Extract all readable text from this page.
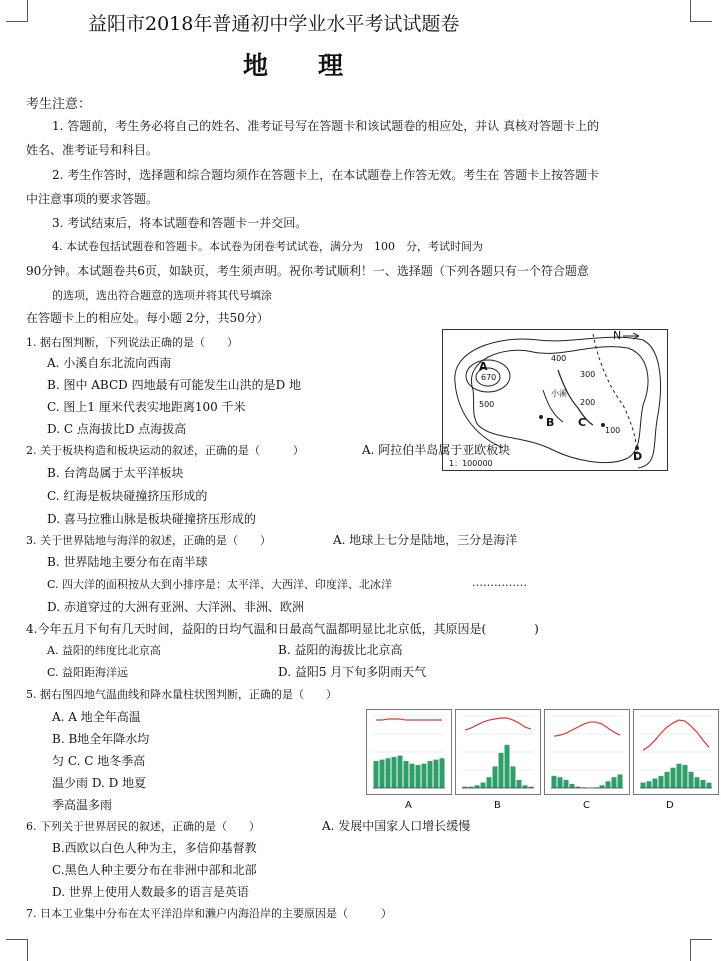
益阳市2018年普通初中学业水平考试试题卷
地　　理
考生注意：
1. 答题前，考生务必将自己的姓名、准考证号写在答题卡和该试题卷的相应处，并认 真核对答题卡上的
姓名、准考证号和科目。
2. 考生作答时，选择题和综合题均须作在答题卡上，在本试题卷上作答无效。考生在 答题卡上按答题卡
中注意事项的要求答题。
3. 考试结束后，将本试题卷和答题卡一并交回。
4. 本试卷包括试题卷和答题卡。本试卷为闭卷考试试卷，满分为　100　分，考试时间为
90分钟。本试题卷共6页，如缺页，考生须声明。祝你考试顺利！一、选择题（下列各题只有一个符合题意
的选项，选出符合题意的选项并将其代号填涂
在答题卡上的相应处。每小题 2分，共50分）
1. 据右图判断，下列说法正确的是（　　）
A. 小溪自东北流向西南
B. 图中 ABCD 四地最有可能发生山洪的是D 地
C. 图上1 厘米代表实地距离100 千米
D. C 点海拔比D 点海拔高
N
A
670
400
500
300
200
100
B C
D
小溪
1：100000
2. 关于板块构造和板块运动的叙述，正确的是（　　　）	A. 阿拉伯半岛属于亚欧板块
B. 台湾岛属于太平洋板块
C. 红海是板块碰撞挤压形成的
D. 喜马拉雅山脉是板块碰撞挤压形成的
3. 关于世界陆地与海洋的叙述，正确的是（　　）	A. 地球上七分是陆地，三分是海洋
B. 世界陆地主要分布在南半球
C. 四大洋的面积按从大到小排序是：太平洋、大西洋、印度洋、北冰洋	……………
D. 赤道穿过的大洲有亚洲、大洋洲、非洲、欧洲
4.今年五月下旬有几天时间，益阳的日均气温和日最高气温都明显比北京低，其原因是(　　　　)
A. 益阳的纬度比北京高	B. 益阳的海拔比北京高
C. 益阳距海洋远	D. 益阳5 月下旬多阴雨天气
5. 据右图四地气温曲线和降水量柱状图判断，正确的是（　　）
A. A 地全年高温
B. B地全年降水均
匀 C. C 地冬季高
温少雨 D. D 地夏
季高温多雨	A	B	C	D
6. 下列关于世界居民的叙述，正确的是（　　）	A. 发展中国家人口增长缓慢
B.西欧以白色人种为主，多信仰基督教
C.黑色人种主要分布在非洲中部和北部
D. 世界上使用人数最多的语言是英语
7. 日本工业集中分布在太平洋沿岸和濑户内海沿岸的主要原因是（　　　）
